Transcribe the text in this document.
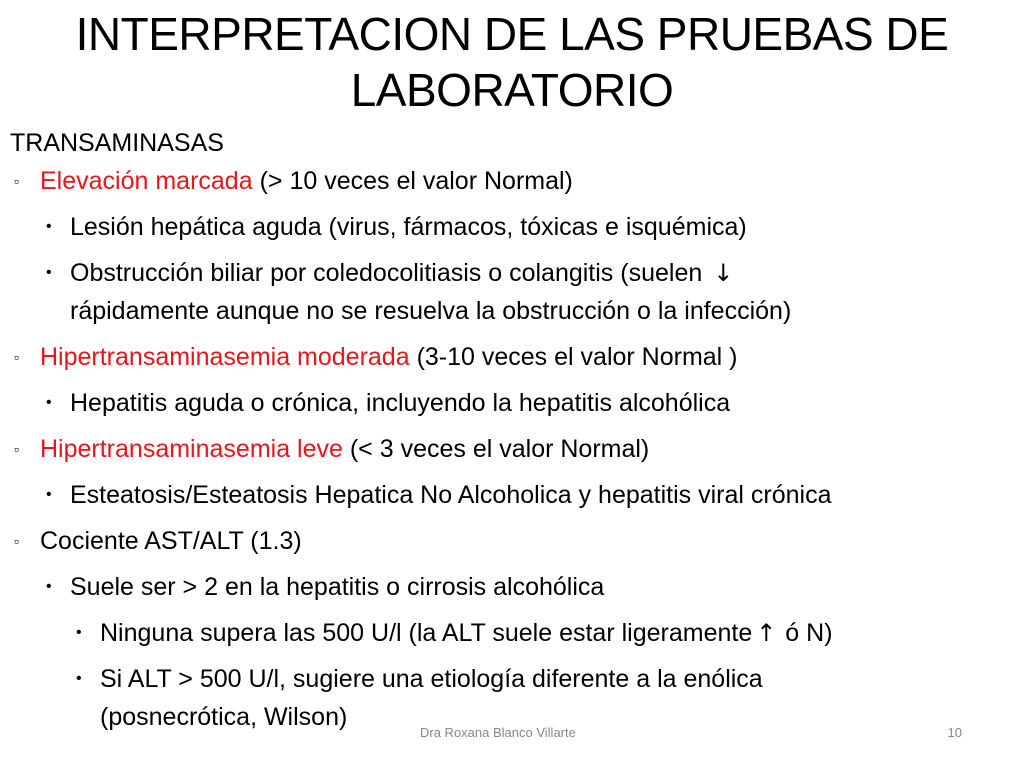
INTERPRETACION DE LAS PRUEBAS DE
LABORATORIO
TRANSAMINASAS
▫ Elevación marcada (> 10 veces el valor Normal)
• Lesión hepática aguda (virus, fármacos, tóxicas e isquémica)
• Obstrucción biliar por coledocolitiasis o colangitis (suelen ↓
rápidamente aunque no se resuelva la obstrucción o la infección)
▫ Hipertransaminasemia moderada (3-10 veces el valor Normal )
• Hepatitis aguda o crónica, incluyendo la hepatitis alcohólica
▫ Hipertransaminasemia leve (< 3 veces el valor Normal)
• Esteatosis/Esteatosis Hepatica No Alcoholica y hepatitis viral crónica
▫ Cociente AST/ALT (1.3)
• Suele ser > 2 en la hepatitis o cirrosis alcohólica
• Ninguna supera las 500 U/l (la ALT suele estar ligeramente ↑ ó N)
• Si ALT > 500 U/l, sugiere una etiología diferente a la enólica
(posnecrótica, Wilson)
Dra Roxana Blanco Villarte	10
